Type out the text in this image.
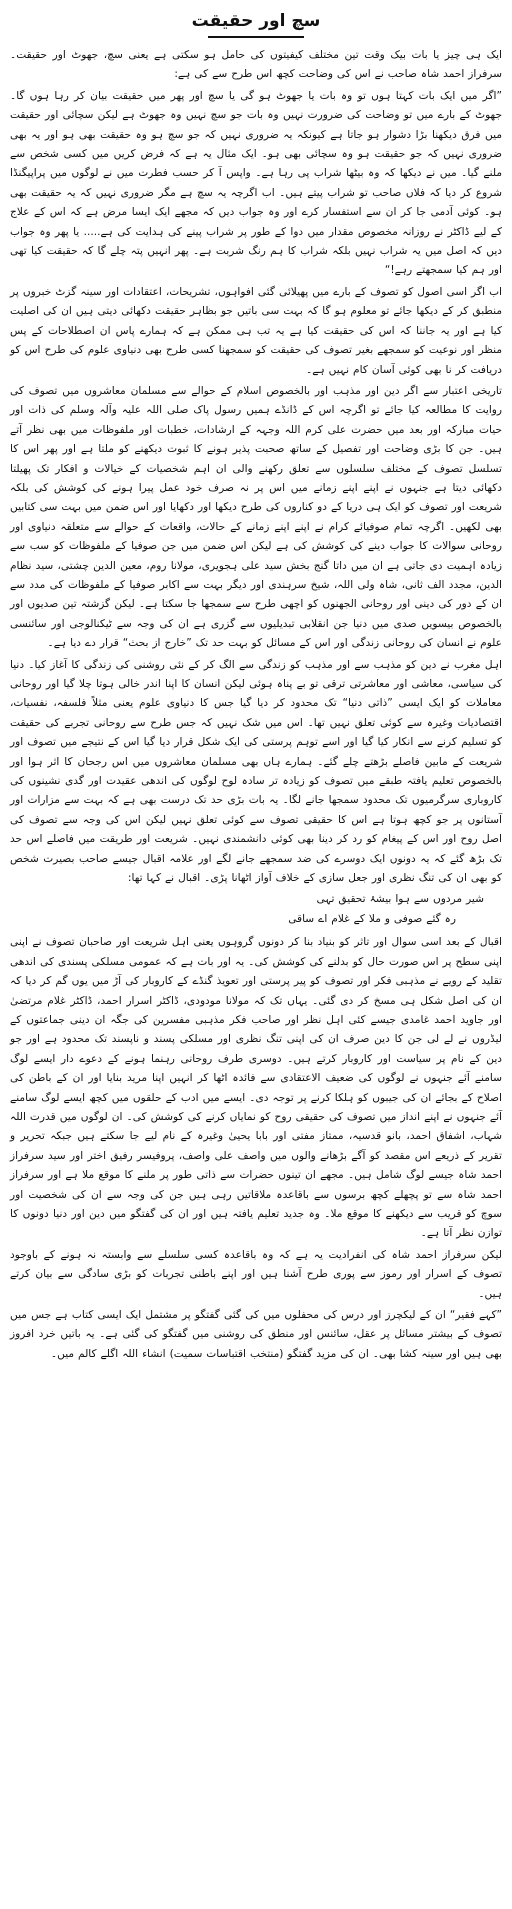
سچ اور حقیقت

ایک ہی چیز یا بات بیک وقت تین مختلف کیفیتوں کی حامل ہو سکتی ہے یعنی سچ، جھوٹ اور حقیقت۔ سرفراز احمد شاہ صاحب نے اس کی وضاحت کچھ اس طرح سے کی ہے:

”اگر میں ایک بات کہتا ہوں تو وہ بات یا جھوٹ ہو گی یا سچ اور پھر میں حقیقت بیان کر رہا ہوں گا۔ جھوٹ کے بارے میں تو وضاحت کی ضرورت نہیں وہ بات جو سچ نہیں وہ جھوٹ ہے لیکن سچائی اور حقیقت میں فرق دیکھنا بڑا دشوار ہو جاتا ہے کیونکہ یہ ضروری نہیں کہ جو سچ ہو وہ حقیقت بھی ہو اور یہ بھی ضروری نہیں کہ جو حقیقت ہو وہ سچائی بھی ہو۔ ایک مثال یہ ہے کہ فرض کریں میں کسی شخص سے ملنے گیا۔ میں نے دیکھا کہ وہ بیٹھا شراب پی رہا ہے۔ واپس آ کر حسب فطرت میں نے لوگوں میں پراپیگنڈا شروع کر دیا کہ فلاں صاحب تو شراب پیتے ہیں۔ اب اگرچہ یہ سچ ہے مگر ضروری نہیں کہ یہ حقیقت بھی ہو۔ کوئی آدمی جا کر ان سے استفسار کرے اور وہ جواب دیں کہ مجھے ایک ایسا مرض ہے کہ اس کے علاج کے لیے ڈاکٹر نے روزانہ مخصوص مقدار میں دوا کے طور پر شراب پینے کی ہدایت کی ہے..... یا پھر وہ جواب دیں کہ اصل میں یہ شراب نہیں بلکہ شراب کا ہم رنگ شربت ہے۔ پھر انہیں پتہ چلے گا کہ حقیقت کیا تھی اور ہم کیا سمجھتے رہے!“

اب اگر اسی اصول کو تصوف کے بارے میں پھیلائی گئی افواہوں، تشریحات، اعتقادات اور سینہ گزٹ خبروں پر منطبق کر کے دیکھا جائے تو معلوم ہو گا کہ بہت سی باتیں جو بظاہر حقیقت دکھائی دیتی ہیں ان کی اصلیت کیا ہے اور یہ جاننا کہ اس کی حقیقت کیا ہے یہ تب ہی ممکن ہے کہ ہمارے پاس ان اصطلاحات کے پس منظر اور نوعیت کو سمجھے بغیر تصوف کی حقیقت کو سمجھنا کسی طرح بھی دنیاوی علوم کی طرح اس کو دریافت کر نا بھی کوئی آسان کام نہیں ہے۔

تاریخی اعتبار سے اگر دین اور مذہب اور بالخصوص اسلام کے حوالے سے مسلمان معاشروں میں تصوف کی روایت کا مطالعہ کیا جائے تو اگرچہ اس کے ڈانڈے ہمیں رسول پاک صلی اللہ علیہ وآلہ وسلم کی ذات اور حیات مبارکہ اور بعد میں حضرت علی کرم اللہ وجہہ کے ارشادات، خطبات اور ملفوظات میں بھی نظر آتے ہیں۔ جن کا بڑی وضاحت اور تفصیل کے ساتھ صحبت پذیر ہونے کا ثبوت دیکھنے کو ملتا ہے اور پھر اس کا تسلسل تصوف کے مختلف سلسلوں سے تعلق رکھنے والی ان اہم شخصیات کے خیالات و افکار تک پھیلتا دکھائی دیتا ہے جنہوں نے اپنے اپنے زمانے میں اس پر نہ صرف خود عمل پیرا ہونے کی کوشش کی بلکہ شریعت اور تصوف کو ایک ہی دریا کے دو کناروں کی طرح دیکھا اور دکھایا اور اس ضمن میں بہت سی کتابیں بھی لکھیں۔ اگرچہ تمام صوفیائے کرام نے اپنے اپنے زمانے کے حالات، واقعات کے حوالے سے متعلقہ دنیاوی اور روحانی سوالات کا جواب دینے کی کوشش کی ہے لیکن اس ضمن میں جن صوفیا کے ملفوظات کو سب سے زیادہ اہمیت دی جاتی ہے ان میں داتا گنج بخش سید علی ہجویری، مولانا روم، معین الدین چشتی، سید نظام الدین، مجدد الف ثانی، شاہ ولی اللہ، شیخ سرہندی اور دیگر بہت سے اکابر صوفیا کے ملفوظات کی مدد سے ان کے دور کی دینی اور روحانی الجھنوں کو اچھی طرح سے سمجھا جا سکتا ہے۔ لیکن گزشتہ تین صدیوں اور بالخصوص بیسویں صدی میں دنیا جن انقلابی تبدیلیوں سے گزری ہے ان کی وجہ سے ٹیکنالوجی اور سائنسی علوم نے انسان کی روحانی زندگی اور اس کے مسائل کو بہت حد تک ”خارج از بحث“ قرار دے دیا ہے۔

اہل مغرب نے دین کو مذہب سے اور مذہب کو زندگی سے الگ کر کے نئی روشنی کی زندگی کا آغاز کیا۔ دنیا کی سیاسی، معاشی اور معاشرتی ترقی تو بے پناہ ہوئی لیکن انسان کا اپنا اندر خالی ہوتا چلا گیا اور روحانی معاملات کو ایک ایسی ”ذاتی دنیا“ تک محدود کر دیا گیا جس کا دنیاوی علوم یعنی مثلاً فلسفہ، نفسیات، اقتصادیات وغیرہ سے کوئی تعلق نہیں تھا۔ اس میں شک نہیں کہ جس طرح سے روحانی تجربے کی حقیقت کو تسلیم کرنے سے انکار کیا گیا اور اسے توہم پرستی کی ایک شکل قرار دیا گیا اس کے نتیجے میں تصوف اور شریعت کے مابین فاصلے بڑھتے چلے گئے۔ ہمارے ہاں بھی مسلمان معاشروں میں اس رجحان کا اثر ہوا اور بالخصوص تعلیم یافتہ طبقے میں تصوف کو زیادہ تر سادہ لوح لوگوں کی اندھی عقیدت اور گدی نشینوں کی کاروباری سرگرمیوں تک محدود سمجھا جانے لگا۔ یہ بات بڑی حد تک درست بھی ہے کہ بہت سے مزارات اور آستانوں پر جو کچھ ہوتا ہے اس کا حقیقی تصوف سے کوئی تعلق نہیں لیکن اس کی وجہ سے تصوف کی اصل روح اور اس کے پیغام کو رد کر دینا بھی کوئی دانشمندی نہیں۔ شریعت اور طریقت میں فاصلے اس حد تک بڑھ گئے کہ یہ دونوں ایک دوسرے کی ضد سمجھے جانے لگے اور علامہ اقبال جیسے صاحب بصیرت شخص کو بھی ان کی تنگ نظری اور جعل سازی کے خلاف آواز اٹھانا پڑی۔ اقبال نے کہا تھا:

شیر مردوں سے ہوا بیشۂ تحقیق تہی
رہ گئے صوفی و ملا کے غلام اے ساقی

اقبال کے بعد اسی سوال اور تاثر کو بنیاد بنا کر دونوں گروہوں یعنی اہل شریعت اور صاحبان تصوف نے اپنی اپنی سطح پر اس صورت حال کو بدلنے کی کوشش کی۔ یہ اور بات ہے کہ عمومی مسلکی پسندی کی اندھی تقلید کے رویے نے مذہبی فکر اور تصوف کو پیر پرستی اور تعویذ گنڈے کے کاروبار کی آڑ میں یوں گم کر دیا کہ ان کی اصل شکل ہی مسخ کر دی گئی۔ یہاں تک کہ مولانا مودودی، ڈاکٹر اسرار احمد، ڈاکٹر غلام مرتضیٰ اور جاوید احمد غامدی جیسے کئی اہل نظر اور صاحب فکر مذہبی مفسرین کی جگہ ان دینی جماعتوں کے لیڈروں نے لے لی جن کا دین صرف ان کی اپنی تنگ نظری اور مسلکی پسند و ناپسند تک محدود ہے اور جو دین کے نام پر سیاست اور کاروبار کرتے ہیں۔ دوسری طرف روحانی رہنما ہونے کے دعوے دار ایسے لوگ سامنے آئے جنہوں نے لوگوں کی ضعیف الاعتقادی سے فائدہ اٹھا کر انہیں اپنا مرید بنایا اور ان کے باطن کی اصلاح کے بجائے ان کی جیبوں کو ہلکا کرنے پر توجہ دی۔ ایسے میں ادب کے حلقوں میں کچھ ایسے لوگ سامنے آئے جنہوں نے اپنے انداز میں تصوف کی حقیقی روح کو نمایاں کرنے کی کوشش کی۔ ان لوگوں میں قدرت اللہ شہاب، اشفاق احمد، بانو قدسیہ، ممتاز مفتی اور بابا یحییٰ وغیرہ کے نام لیے جا سکتے ہیں جبکہ تحریر و تقریر کے ذریعے اس مقصد کو آگے بڑھانے والوں میں واصف علی واصف، پروفیسر رفیق اختر اور سید سرفراز احمد شاہ جیسے لوگ شامل ہیں۔ مجھے ان تینوں حضرات سے ذاتی طور پر ملنے کا موقع ملا ہے اور سرفراز احمد شاہ سے تو پچھلے کچھ برسوں سے باقاعدہ ملاقاتیں رہی ہیں جن کی وجہ سے ان کی شخصیت اور سوچ کو قریب سے دیکھنے کا موقع ملا۔ وہ جدید تعلیم یافتہ ہیں اور ان کی گفتگو میں دین اور دنیا دونوں کا توازن نظر آتا ہے۔

لیکن سرفراز احمد شاہ کی انفرادیت یہ ہے کہ وہ باقاعدہ کسی سلسلے سے وابستہ نہ ہونے کے باوجود تصوف کے اسرار اور رموز سے پوری طرح آشنا ہیں اور اپنے باطنی تجربات کو بڑی سادگی سے بیان کرتے ہیں۔

”کہے فقیر“ ان کے لیکچرز اور درس کی محفلوں میں کی گئی گفتگو پر مشتمل ایک ایسی کتاب ہے جس میں تصوف کے بیشتر مسائل پر عقل، سائنس اور منطق کی روشنی میں گفتگو کی گئی ہے۔ یہ باتیں خرد افروز بھی ہیں اور سینہ کشا بھی۔ ان کی مزید گفتگو (منتخب اقتباسات سمیت) انشاء اللہ اگلے کالم میں۔
